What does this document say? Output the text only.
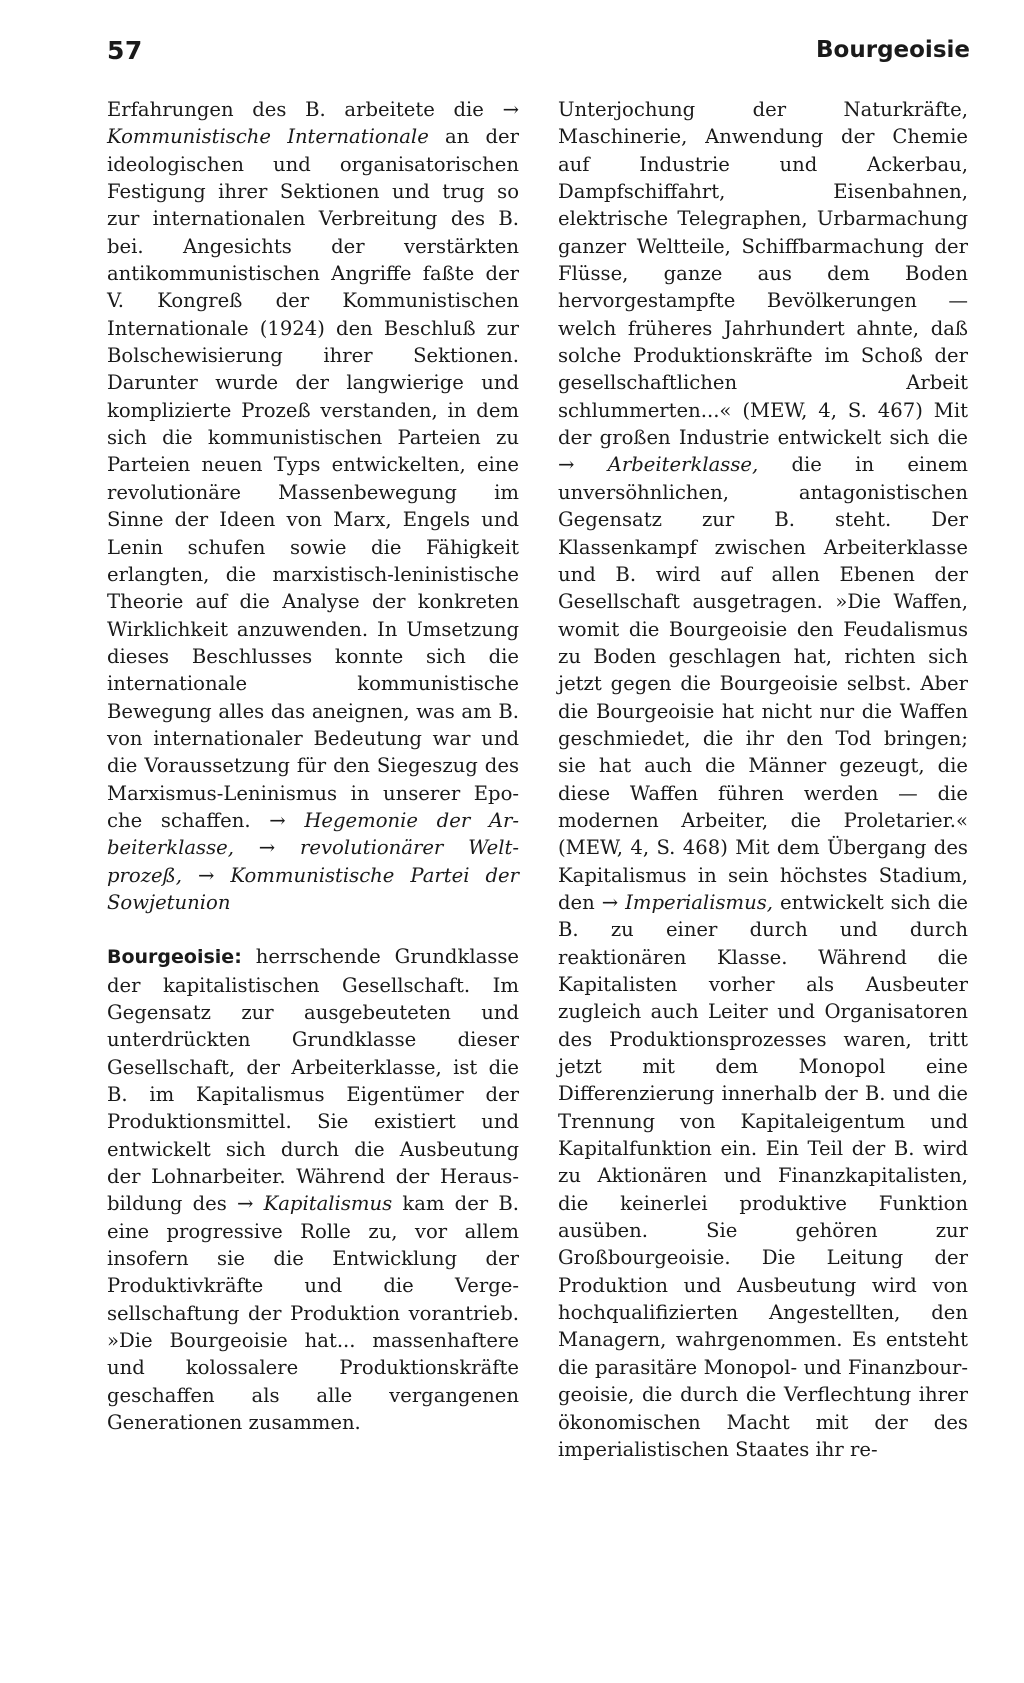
57	Bourgeoisie

Erfahrungen des B. arbeitete die → Kommunistische Internationale an der ideologischen und organisatorischen Festigung ihrer Sektionen und trug so zur internationalen Verbreitung des B. bei. Angesichts der verstärkten antikommunistischen Angriffe faßte der V. Kongreß der Kommunistischen Internationale (1924) den Beschluß zur Bolschewisierung ihrer Sektionen. Darunter wurde der langwierige und komplizierte Prozeß verstanden, in dem sich die kommunistischen Parteien zu Parteien neuen Typs entwickelten, eine revolutionäre Massenbewegung im Sinne der Ideen von Marx, Engels und Lenin schufen sowie die Fähigkeit erlangten, die marxistisch-leninistische Theorie auf die Analyse der konkreten Wirklichkeit anzuwenden. In Umsetzung dieses Beschlusses konnte sich die internationale kommunistische Bewegung alles das aneignen, was am B. von internationaler Bedeutung war und die Voraussetzung für den Siegeszug des Marxismus-Leninismus in unserer Epoche schaffen. → Hegemonie der Arbeiterklasse, → revolutionärer Weltprozeß, → Kommunistische Partei der Sowjetunion

Bourgeoisie: herrschende Grundklasse der kapitalistischen Gesellschaft. Im Gegensatz zur ausgebeuteten und unterdrückten Grundklasse dieser Gesellschaft, der Arbeiterklasse, ist die B. im Kapitalismus Eigentümer der Produktionsmittel. Sie existiert und entwickelt sich durch die Ausbeutung der Lohnarbeiter. Während der Herausbildung des → Kapitalismus kam der B. eine progressive Rolle zu, vor allem insofern sie die Entwicklung der Produktivkräfte und die Vergesellschaftung der Produktion vorantrieb. »Die Bourgeoisie hat... massenhaftere und kolossalere Produktionskräfte geschaffen als alle vergangenen Generationen zusammen.

Unterjochung der Naturkräfte, Maschinerie, Anwendung der Chemie auf Industrie und Ackerbau, Dampfschiffahrt, Eisenbahnen, elektrische Telegraphen, Urbarmachung ganzer Weltteile, Schiffbarmachung der Flüsse, ganze aus dem Boden hervorgestampfte Bevölkerungen — welch früheres Jahrhundert ahnte, daß solche Produktionskräfte im Schoß der gesellschaftlichen Arbeit schlummerten...« (MEW, 4, S. 467) Mit der großen Industrie entwickelt sich die → Arbeiterklasse, die in einem unversöhnlichen, antagonistischen Gegensatz zur B. steht. Der Klassenkampf zwischen Arbeiterklasse und B. wird auf allen Ebenen der Gesellschaft ausgetragen. »Die Waffen, womit die Bourgeoisie den Feudalismus zu Boden geschlagen hat, richten sich jetzt gegen die Bourgeoisie selbst. Aber die Bourgeoisie hat nicht nur die Waffen geschmiedet, die ihr den Tod bringen; sie hat auch die Männer gezeugt, die diese Waffen führen werden — die modernen Arbeiter, die Proletarier.« (MEW, 4, S. 468) Mit dem Übergang des Kapitalismus in sein höchstes Stadium, den → Imperialismus, entwickelt sich die B. zu einer durch und durch reaktionären Klasse. Während die Kapitalisten vorher als Ausbeuter zugleich auch Leiter und Organisatoren des Produktionsprozesses waren, tritt jetzt mit dem Monopol eine Differenzierung innerhalb der B. und die Trennung von Kapitaleigentum und Kapitalfunktion ein. Ein Teil der B. wird zu Aktionären und Finanzkapitalisten, die keinerlei produktive Funktion ausüben. Sie gehören zur Großbourgeoisie. Die Leitung der Produktion und Ausbeutung wird von hochqualifizierten Angestellten, den Managern, wahrgenommen. Es entsteht die parasitäre Monopol- und Finanzbourgeoisie, die durch die Verflechtung ihrer ökonomischen Macht mit der des imperialistischen Staates ihr re-
